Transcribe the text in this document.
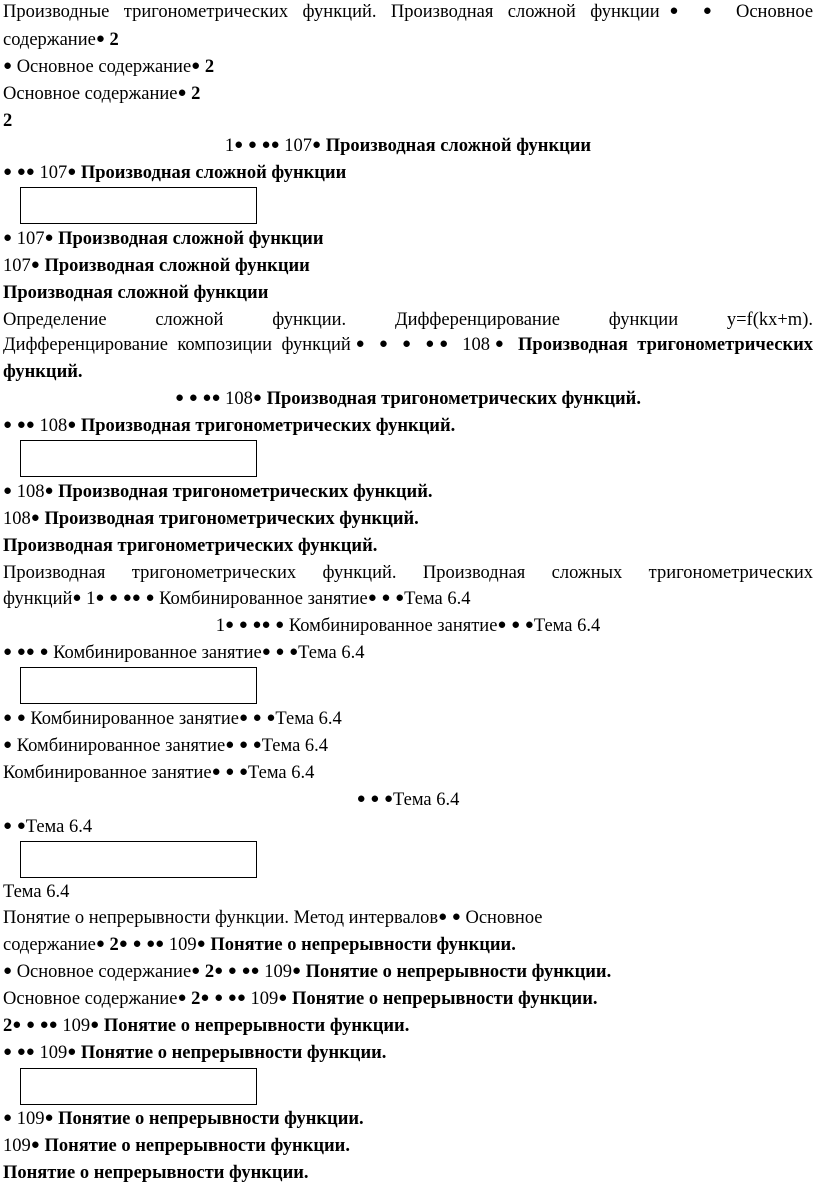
Производные тригонометрических функций. Производная сложной функции● ● Основное
содержание● 2
● Основное содержание● 2
Основное содержание● 2
2
1● ● ●● 107● Производная сложной функции
● ●● 107● Производная сложной функции
● 107● Производная сложной функции
107● Производная сложной функции
Производная сложной функции
Определение сложной функции. Дифференцирование функции y=f(kx+m).
Дифференцирование композиции функций● ● ● ●● 108● Производная тригонометрических
функций.
● ● ●● 108● Производная тригонометрических функций.
● ●● 108● Производная тригонометрических функций.
● 108● Производная тригонометрических функций.
108● Производная тригонометрических функций.
Производная тригонометрических функций.
Производная тригонометрических функций. Производная сложных тригонометрических
функций● 1● ● ●● ● Комбинированное занятие● ● ●Тема 6.4
1● ● ●● ● Комбинированное занятие● ● ●Тема 6.4
● ●● ● Комбинированное занятие● ● ●Тема 6.4
● ● Комбинированное занятие● ● ●Тема 6.4
● Комбинированное занятие● ● ●Тема 6.4
Комбинированное занятие● ● ●Тема 6.4
● ● ●Тема 6.4
● ●Тема 6.4
Тема 6.4
Понятие о непрерывности функции. Метод интервалов● ● Основное
содержание● 2● ● ●● 109● Понятие о непрерывности функции.
● Основное содержание● 2● ● ●● 109● Понятие о непрерывности функции.
Основное содержание● 2● ● ●● 109● Понятие о непрерывности функции.
2● ● ●● 109● Понятие о непрерывности функции.
● ●● 109● Понятие о непрерывности функции.
● 109● Понятие о непрерывности функции.
109● Понятие о непрерывности функции.
Понятие о непрерывности функции.
